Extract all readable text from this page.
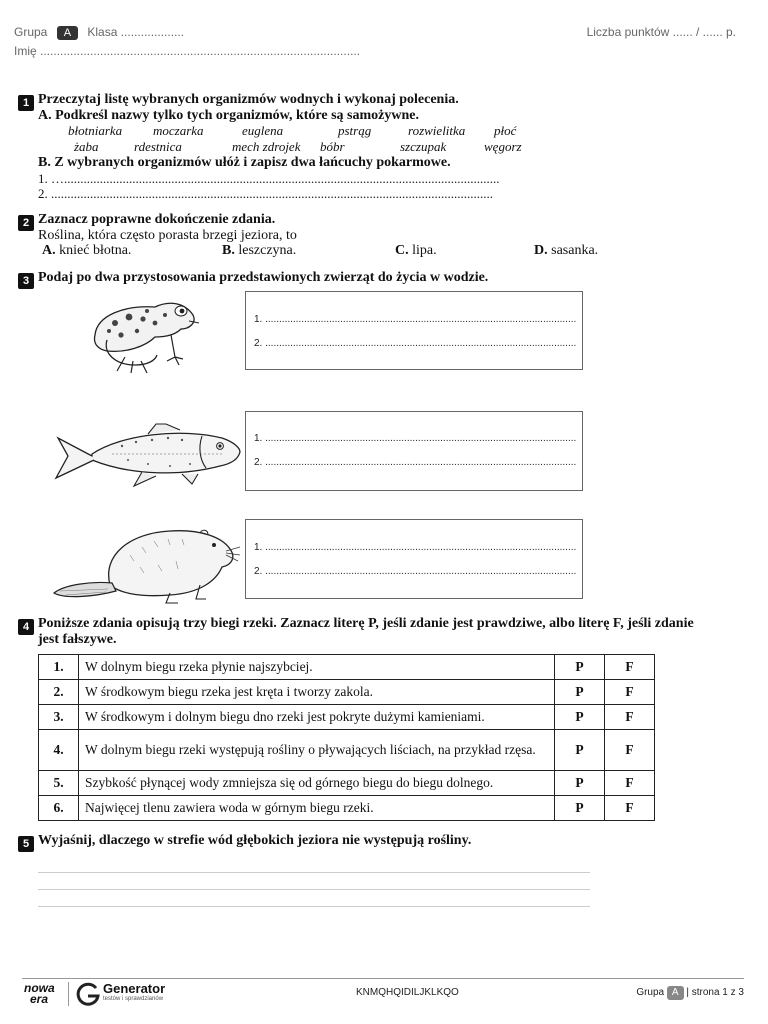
Grupa A Klasa ...................	Liczba punktów ...... / ...... p.
Imię ................................................................................................
1 Przeczytaj listę wybranych organizmów wodnych i wykonaj polecenia.
A. Podkreśl nazwy tylko tych organizmów, które są samożywne.
błotniarka moczarka	euglena	pstrąg	rozwielitka płoć
żaba	rdestnica	mech zdrojek bóbr	szczupak	węgorz
B. Z wybranych organizmów ułóż i zapisz dwa łańcuchy pokarmowe.
1. …......................................................................................................................................
2. ........................................................................................................................................
2 Zaznacz poprawne dokończenie zdania.
Roślina, która często porasta brzegi jeziora, to
A. knieć błotna.	B. leszczyna.	C. lipa.	D. sasanka.
3 Podaj po dwa przystosowania przedstawionych zwierząt do życia w wodzie.
1. ................................................................................................................
2. ................................................................................................................
1. ................................................................................................................
2. ................................................................................................................
1. ................................................................................................................
2. ................................................................................................................
4 Poniższe zdania opisują trzy biegi rzeki. Zaznacz literę P, jeśli zdanie jest prawdziwe, albo literę F, jeśli zdanie jest fałszywe.
1.	W dolnym biegu rzeka płynie najszybciej.	P	F
2.	W środkowym biegu rzeka jest kręta i tworzy zakola.	P	F
3.	W środkowym i dolnym biegu dno rzeki jest pokryte dużymi kamieniami.	P	F
4.	W dolnym biegu rzeki występują rośliny o pływających liściach, na przykład rzęsa.	P	F
5.	Szybkość płynącej wody zmniejsza się od górnego biegu do biegu dolnego.	P	F
6.	Najwięcej tlenu zawiera woda w górnym biegu rzeki.	P	F
5 Wyjaśnij, dlaczego w strefie wód głębokich jeziora nie występują rośliny.
nowa
era
Generator
testów i sprawdzianów
KNMQHQIDILJKLKQO	Grupa A | strona 1 z 3
